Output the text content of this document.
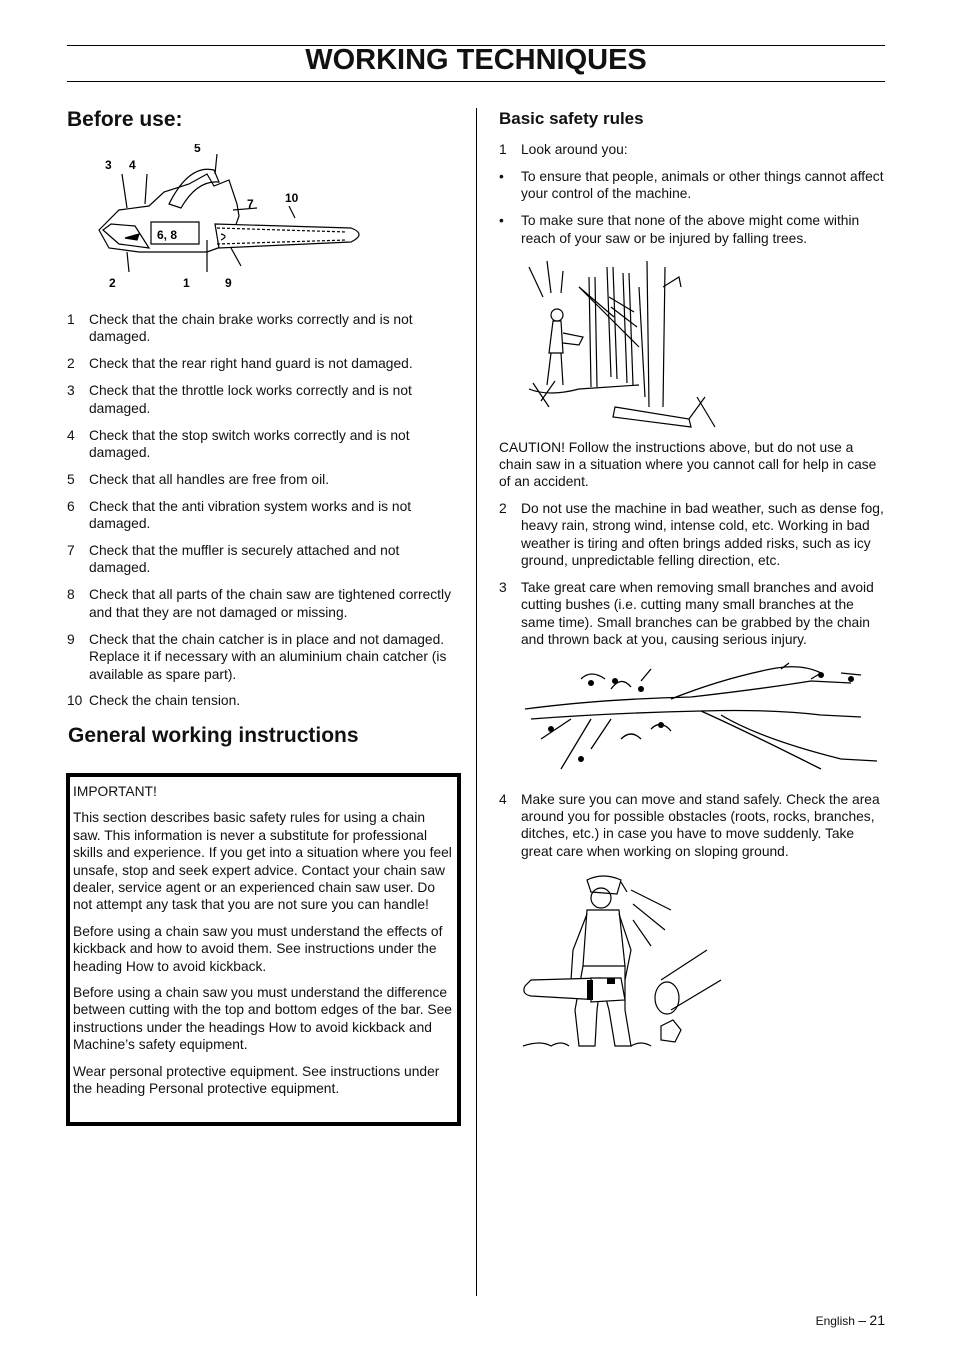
WORKING TECHNIQUES
Before use:
3 4
5
7	10
6, 8
2	1	9
1	Check that the chain brake works correctly and is not damaged.
2	Check that the rear right hand guard is not damaged.
3	Check that the throttle lock works correctly and is not damaged.
4	Check that the stop switch works correctly and is not damaged.
5	Check that all handles are free from oil.
6	Check that the anti vibration system works and is not damaged.
7	Check that the muffler is securely attached and not damaged.
8	Check that all parts of the chain saw are tightened correctly and that they are not damaged or missing.
9	Check that the chain catcher is in place and not damaged. Replace it if necessary with an aluminium chain catcher (is available as spare part).
10 Check the chain tension.
General working instructions

IMPORTANT!

This section describes basic safety rules for using a chain saw. This information is never a substitute for professional skills and experience. If you get into a situation where you feel unsafe, stop and seek expert advice. Contact your chain saw dealer, service agent or an experienced chain saw user. Do not attempt any task that you are not sure you can handle!

Before using a chain saw you must understand the effects of kickback and how to avoid them. See instructions under the heading How to avoid kickback.

Before using a chain saw you must understand the difference between cutting with the top and bottom edges of the bar. See instructions under the headings How to avoid kickback and Machine’s safety equipment.

Wear personal protective equipment. See instructions under the heading Personal protective equipment.

Basic safety rules
1	Look around you:
•	To ensure that people, animals or other things cannot affect your control of the machine.
•	To make sure that none of the above might come within reach of your saw or be injured by falling trees.

CAUTION! Follow the instructions above, but do not use a chain saw in a situation where you cannot call for help in case of an accident.

2	Do not use the machine in bad weather, such as dense fog, heavy rain, strong wind, intense cold, etc. Working in bad weather is tiring and often brings added risks, such as icy ground, unpredictable felling direction, etc.
3	Take great care when removing small branches and avoid cutting bushes (i.e. cutting many small branches at the same time). Small branches can be grabbed by the chain and thrown back at you, causing serious injury.
4	Make sure you can move and stand safely. Check the area around you for possible obstacles (roots, rocks, branches, ditches, etc.) in case you have to move suddenly. Take great care when working on sloping ground.
English – 21
